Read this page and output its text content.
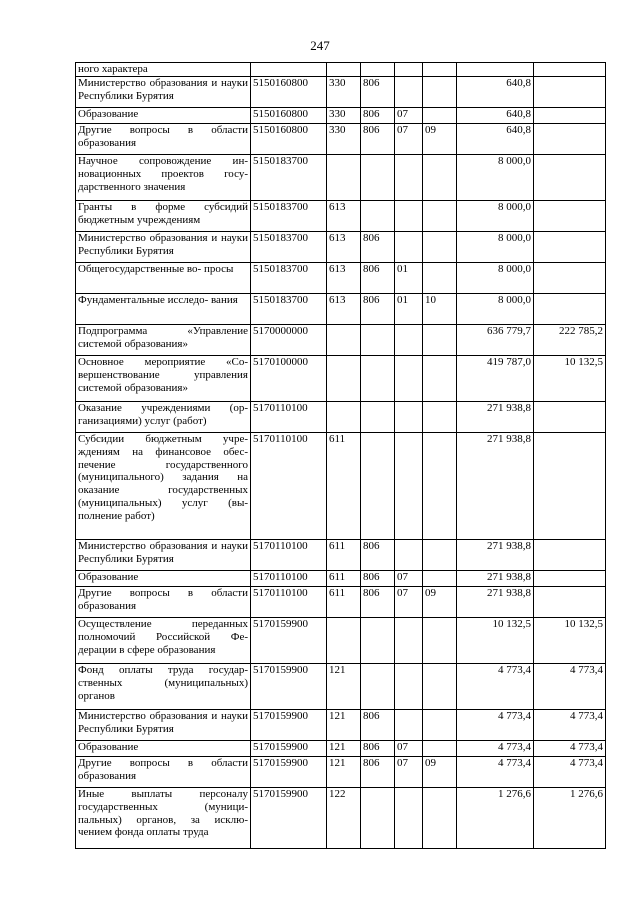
247
ного характера							
Министерство образования и науки Республики Бурятия	5150160800	330	806			640,8	
Образование	5150160800	330	806	07		640,8	
Другие вопросы в области образования	5150160800	330	806	07	09	640,8	
Научное сопровождение ин- новационных проектов госу- дарственного значения	5150183700					8 000,0	
Гранты в форме субсидий бюджетным учреждениям	5150183700	613				8 000,0	
Министерство образования и науки Республики Бурятия	5150183700	613	806			8 000,0	
Общегосударственные во- просы	5150183700	613	806	01		8 000,0	
Фундаментальные исследо- вания	5150183700	613	806	01	10	8 000,0	
Подпрограмма «Управление системой образования»	5170000000					636 779,7	222 785,2
Основное мероприятие «Со- вершенствование управления системой образования»	5170100000					419 787,0	10 132,5
Оказание учреждениями (ор- ганизациями) услуг (работ)	5170110100					271 938,8	
Субсидии бюджетным учре- ждениям на финансовое обес- печение государственного (муниципального) задания на оказание государственных (муниципальных) услуг (вы- полнение работ)	5170110100	611				271 938,8	
Министерство образования и науки Республики Бурятия	5170110100	611	806			271 938,8	
Образование	5170110100	611	806	07		271 938,8	
Другие вопросы в области образования	5170110100	611	806	07	09	271 938,8	
Осуществление переданных полномочий Российской Фе- дерации в сфере образования	5170159900					10 132,5	10 132,5
Фонд оплаты труда государ- ственных (муниципальных) органов	5170159900	121				4 773,4	4 773,4
Министерство образования и науки Республики Бурятия	5170159900	121	806			4 773,4	4 773,4
Образование	5170159900	121	806	07		4 773,4	4 773,4
Другие вопросы в области образования	5170159900	121	806	07	09	4 773,4	4 773,4
Иные выплаты персоналу государственных (муници- пальных) органов, за исклю- чением фонда оплаты труда	5170159900	122				1 276,6	1 276,6
